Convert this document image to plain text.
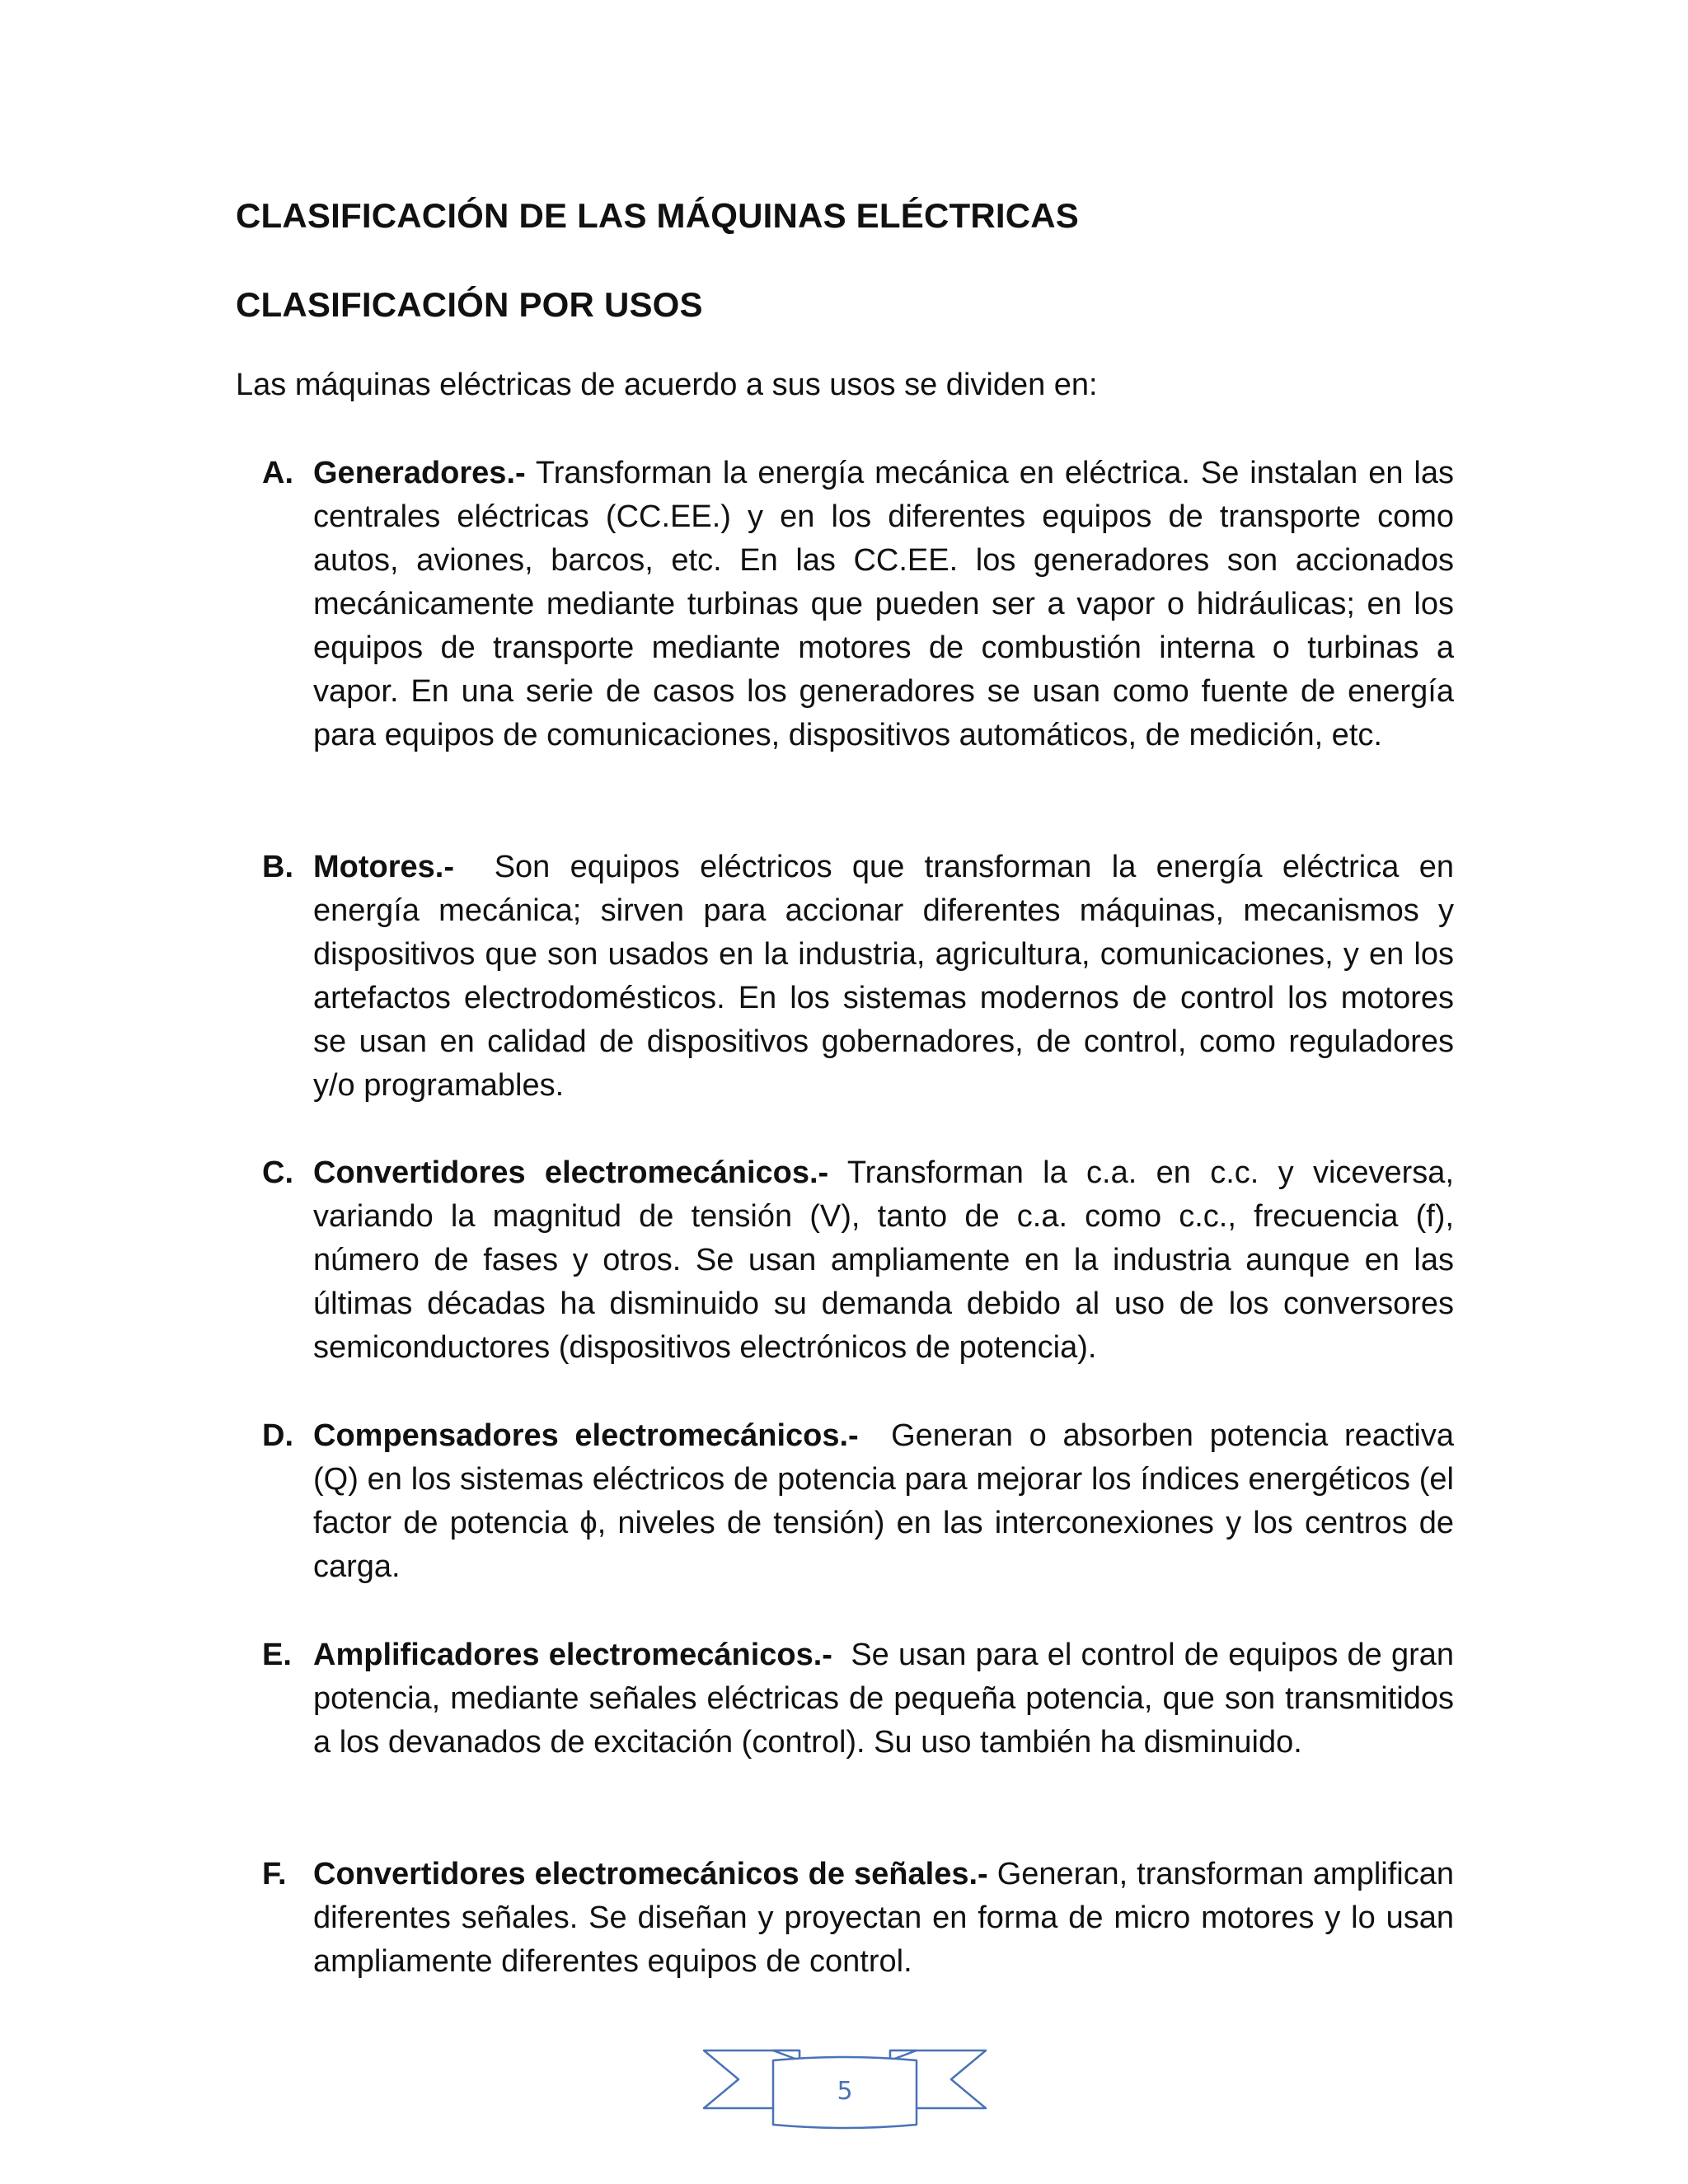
CLASIFICACIÓN DE LAS MÁQUINAS ELÉCTRICAS
CLASIFICACIÓN POR USOS

Las máquinas eléctricas de acuerdo a sus usos se dividen en:

A. Generadores.- Transforman la energía mecánica en eléctrica. Se instalan en las centrales eléctricas (CC.EE.) y en los diferentes equipos de transporte como autos, aviones, barcos, etc. En las CC.EE. los generadores son accionados mecánicamente mediante turbinas que pueden ser a vapor o hidráulicas; en los equipos de transporte mediante motores de combustión interna o turbinas a vapor. En una serie de casos los generadores se usan como fuente de energía para equipos de comunicaciones, dispositivos automáticos, de medición, etc.

B. Motores.- Son equipos eléctricos que transforman la energía eléctrica en energía mecánica; sirven para accionar diferentes máquinas, mecanismos y dispositivos que son usados en la industria, agricultura, comunicaciones, y en los artefactos electrodomésticos. En los sistemas modernos de control los motores se usan en calidad de dispositivos gobernadores, de control, como reguladores y/o programables.

C. Convertidores electromecánicos.- Transforman la c.a. en c.c. y viceversa, variando la magnitud de tensión (V), tanto de c.a. como c.c., frecuencia (f), número de fases y otros. Se usan ampliamente en la industria aunque en las últimas décadas ha disminuido su demanda debido al uso de los conversores semiconductores (dispositivos electrónicos de potencia).

D. Compensadores electromecánicos.- Generan o absorben potencia reactiva (Q) en los sistemas eléctricos de potencia para mejorar los índices energéticos (el factor de potencia ϕ, niveles de tensión) en las interconexiones y los centros de carga.

E. Amplificadores electromecánicos.- Se usan para el control de equipos de gran potencia, mediante señales eléctricas de pequeña potencia, que son transmitidos a los devanados de excitación (control). Su uso también ha disminuido.

F. Convertidores electromecánicos de señales.- Generan, transforman amplifican diferentes señales. Se diseñan y proyectan en forma de micro motores y lo usan ampliamente diferentes equipos de control.

5
